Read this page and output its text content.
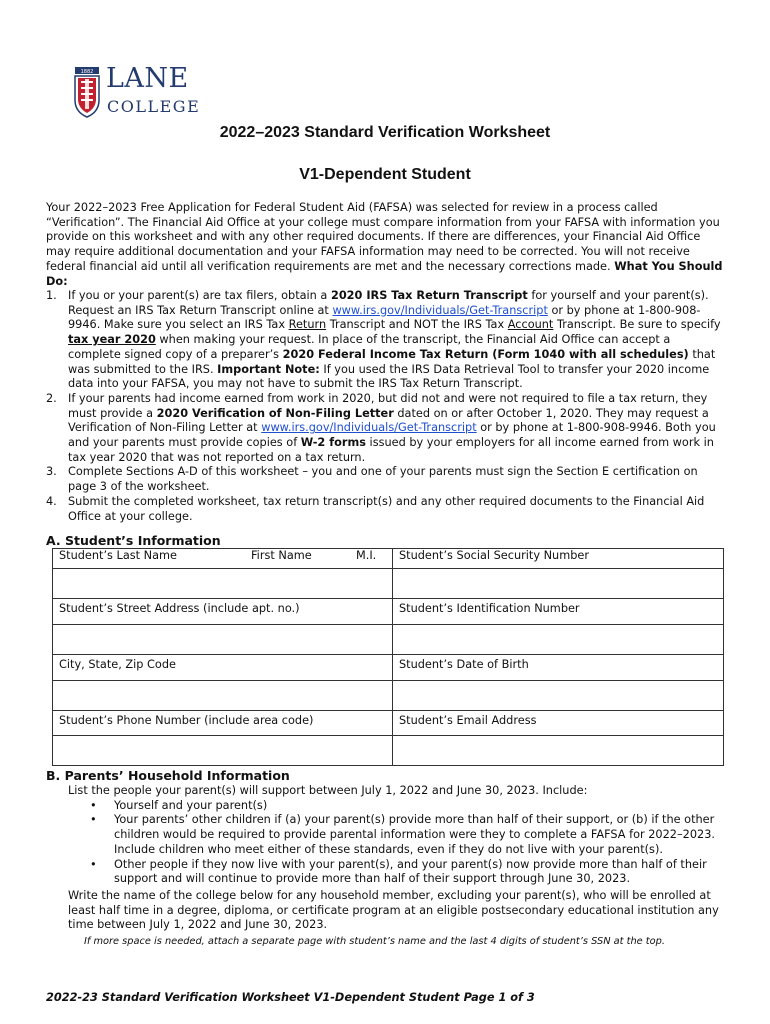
1882 LANE
COLLEGE
2022–2023 Standard Verification Worksheet
V1-Dependent Student
Your 2022–2023 Free Application for Federal Student Aid (FAFSA) was selected for review in a process called “Verification”. The Financial Aid Office at your college must compare information from your FAFSA with information you provide on this worksheet and with any other required documents. If there are differences, your Financial Aid Office may require additional documentation and your FAFSA information may need to be corrected. You will not receive federal financial aid until all verification requirements are met and the necessary corrections made. What You Should Do:
1. If you or your parent(s) are tax filers, obtain a 2020 IRS Tax Return Transcript for yourself and your parent(s). Request an IRS Tax Return Transcript online at www.irs.gov/Individuals/Get-Transcript or by phone at 1-800-908-9946. Make sure you select an IRS Tax Return Transcript and NOT the IRS Tax Account Transcript. Be sure to specify tax year 2020 when making your request. In place of the transcript, the Financial Aid Office can accept a complete signed copy of a preparer’s 2020 Federal Income Tax Return (Form 1040 with all schedules) that was submitted to the IRS. Important Note: If you used the IRS Data Retrieval Tool to transfer your 2020 income data into your FAFSA, you may not have to submit the IRS Tax Return Transcript.
2. If your parents had income earned from work in 2020, but did not and were not required to file a tax return, they must provide a 2020 Verification of Non-Filing Letter dated on or after October 1, 2020. They may request a Verification of Non-Filing Letter at www.irs.gov/Individuals/Get-Transcript or by phone at 1-800-908-9946. Both you and your parents must provide copies of W-2 forms issued by your employers for all income earned from work in tax year 2020 that was not reported on a tax return.
3. Complete Sections A-D of this worksheet – you and one of your parents must sign the Section E certification on page 3 of the worksheet.
4. Submit the completed worksheet, tax return transcript(s) and any other required documents to the Financial Aid Office at your college.
A. Student’s Information
Student’s Last Name First Name M.I.	Student’s Social Security Number

Student’s Street Address (include apt. no.)	Student’s Identification Number

City, State, Zip Code	Student’s Date of Birth

Student’s Phone Number (include area code)	Student’s Email Address

B. Parents’ Household Information
List the people your parent(s) will support between July 1, 2022 and June 30, 2023. Include:
• Yourself and your parent(s)
• Your parents’ other children if (a) your parent(s) provide more than half of their support, or (b) if the other children would be required to provide parental information were they to complete a FAFSA for 2022–2023. Include children who meet either of these standards, even if they do not live with your parent(s).
• Other people if they now live with your parent(s), and your parent(s) now provide more than half of their support and will continue to provide more than half of their support through June 30, 2023.
Write the name of the college below for any household member, excluding your parent(s), who will be enrolled at least half time in a degree, diploma, or certificate program at an eligible postsecondary educational institution any time between July 1, 2022 and June 30, 2023.
If more space is needed, attach a separate page with student’s name and the last 4 digits of student’s SSN at the top.
2022-23 Standard Verification Worksheet V1-Dependent Student Page 1 of 3
